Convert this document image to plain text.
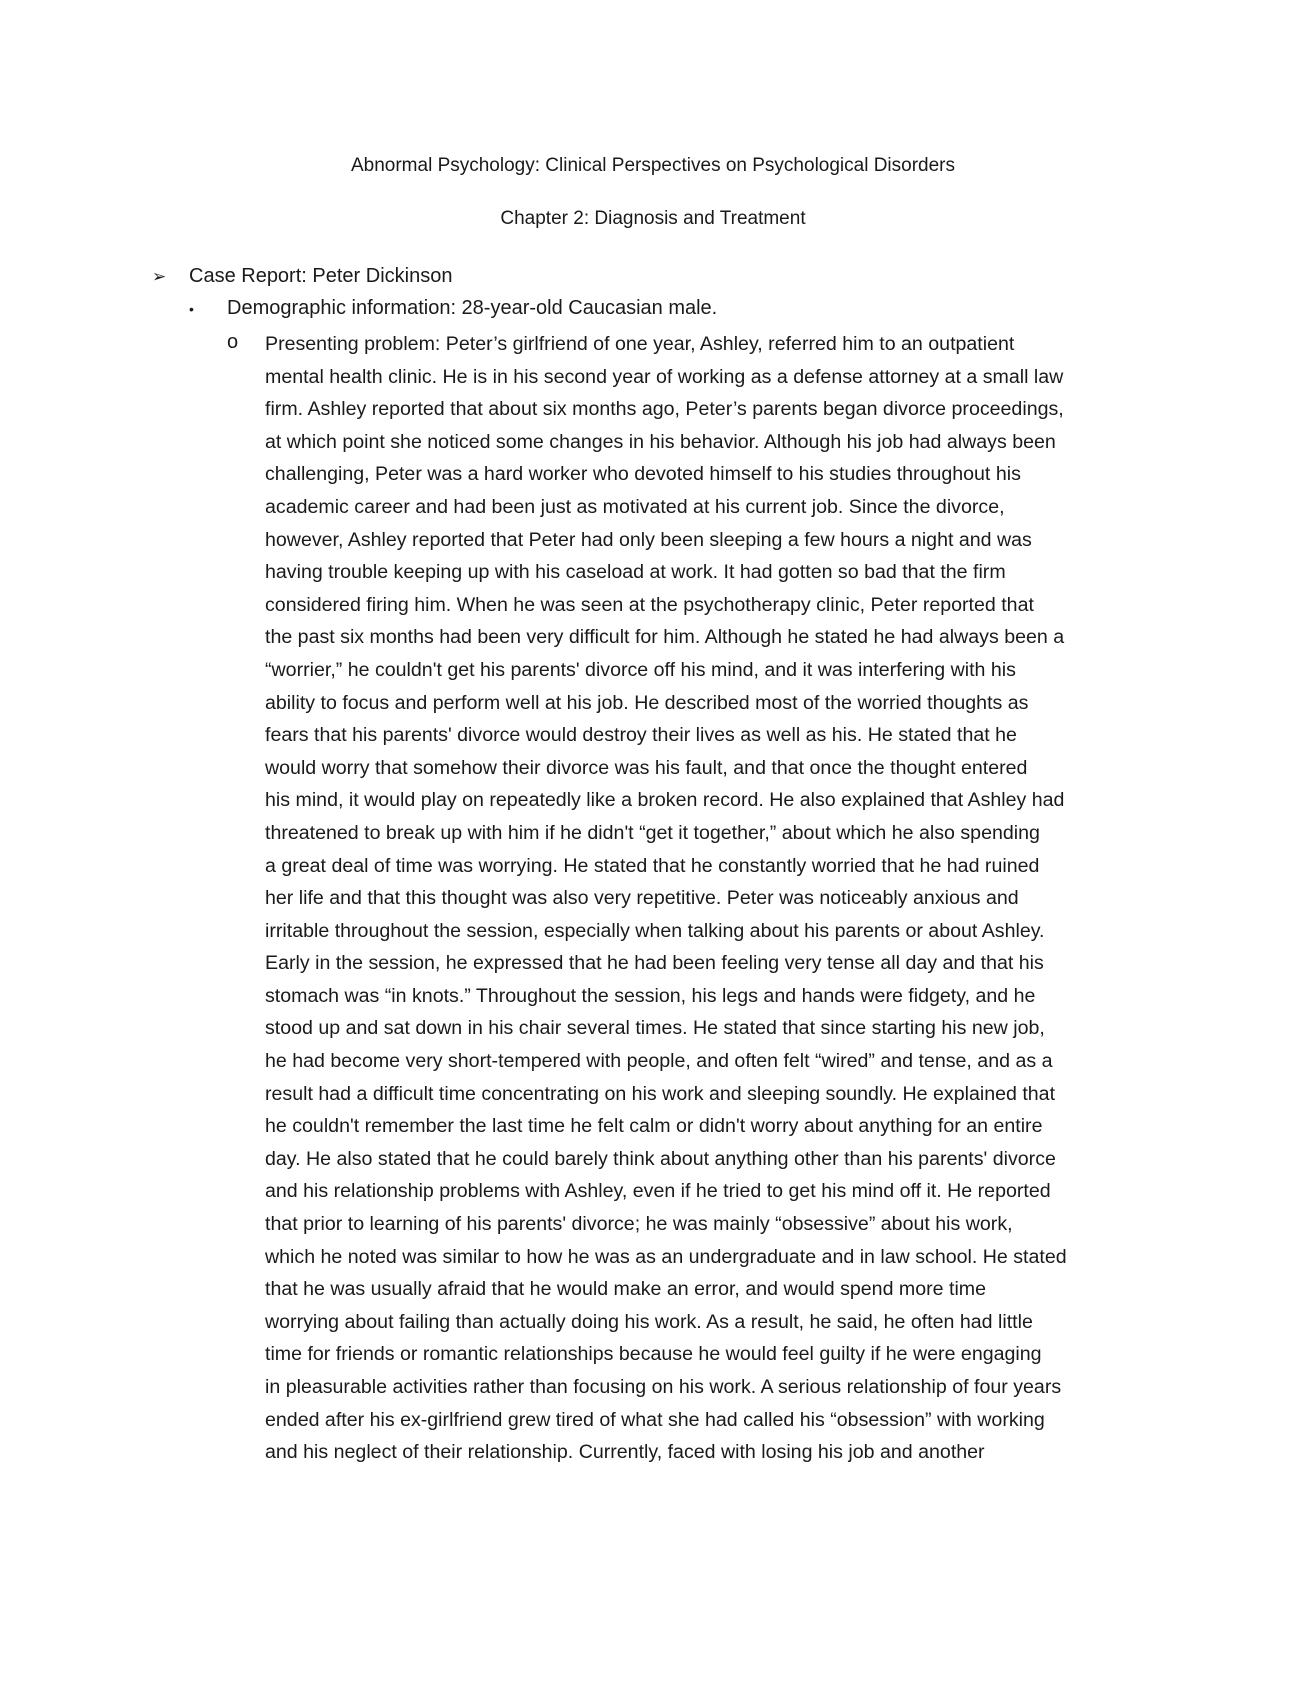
Abnormal Psychology: Clinical Perspectives on Psychological Disorders
Chapter 2: Diagnosis and Treatment
➢ Case Report: Peter Dickinson
• Demographic information: 28-year-old Caucasian male.
o Presenting problem: Peter’s girlfriend of one year, Ashley, referred him to an outpatient
mental health clinic. He is in his second year of working as a defense attorney at a small law
firm. Ashley reported that about six months ago, Peter’s parents began divorce proceedings,
at which point she noticed some changes in his behavior. Although his job had always been
challenging, Peter was a hard worker who devoted himself to his studies throughout his
academic career and had been just as motivated at his current job. Since the divorce,
however, Ashley reported that Peter had only been sleeping a few hours a night and was
having trouble keeping up with his caseload at work. It had gotten so bad that the firm
considered firing him. When he was seen at the psychotherapy clinic, Peter reported that
the past six months had been very difficult for him. Although he stated he had always been a
“worrier,” he couldn't get his parents' divorce off his mind, and it was interfering with his
ability to focus and perform well at his job. He described most of the worried thoughts as
fears that his parents' divorce would destroy their lives as well as his. He stated that he
would worry that somehow their divorce was his fault, and that once the thought entered
his mind, it would play on repeatedly like a broken record. He also explained that Ashley had
threatened to break up with him if he didn't “get it together,” about which he also spending
a great deal of time was worrying. He stated that he constantly worried that he had ruined
her life and that this thought was also very repetitive. Peter was noticeably anxious and
irritable throughout the session, especially when talking about his parents or about Ashley.
Early in the session, he expressed that he had been feeling very tense all day and that his
stomach was “in knots.” Throughout the session, his legs and hands were fidgety, and he
stood up and sat down in his chair several times. He stated that since starting his new job,
he had become very short-tempered with people, and often felt “wired” and tense, and as a
result had a difficult time concentrating on his work and sleeping soundly. He explained that
he couldn't remember the last time he felt calm or didn't worry about anything for an entire
day. He also stated that he could barely think about anything other than his parents' divorce
and his relationship problems with Ashley, even if he tried to get his mind off it. He reported
that prior to learning of his parents' divorce; he was mainly “obsessive” about his work,
which he noted was similar to how he was as an undergraduate and in law school. He stated
that he was usually afraid that he would make an error, and would spend more time
worrying about failing than actually doing his work. As a result, he said, he often had little
time for friends or romantic relationships because he would feel guilty if he were engaging
in pleasurable activities rather than focusing on his work. A serious relationship of four years
ended after his ex-girlfriend grew tired of what she had called his “obsession” with working
and his neglect of their relationship. Currently, faced with losing his job and another
